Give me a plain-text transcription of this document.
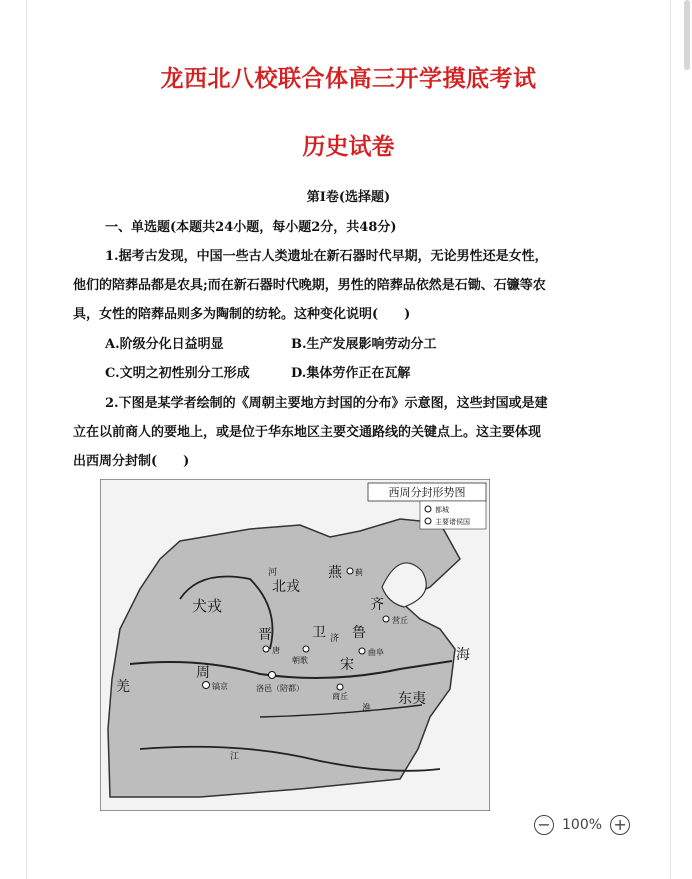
龙西北八校联合体高三开学摸底考试
历史试卷
第Ⅰ卷(选择题)
一、单选题(本题共24小题，每小题2分，共48分)
1.据考古发现，中国一些古人类遗址在新石器时代早期，无论男性还是女性，
他们的陪葬品都是农具;而在新石器时代晚期，男性的陪葬品依然是石锄、石镰等农
具，女性的陪葬品则多为陶制的纺轮。这种变化说明(　　)
A.阶级分化日益明显	B.生产发展影响劳动分工
C.文明之初性别分工形成	D.集体劳作正在瓦解
2.下图是某学者绘制的《周朝主要地方封国的分布》示意图，这些封国或是建
立在以前商人的要地上，或是位于华东地区主要交通路线的关键点上。这主要体现
出西周分封制(　　)
西周分封形势图
都城
主要诸侯国
燕 蓟
北戎
河
犬戎	齐
营丘
晋
唐
卫
朝歌
济 鲁
曲阜
宋
商丘
周
镐京	洛邑（陪都）
羌
东夷
海
淮
江
− 100% +
